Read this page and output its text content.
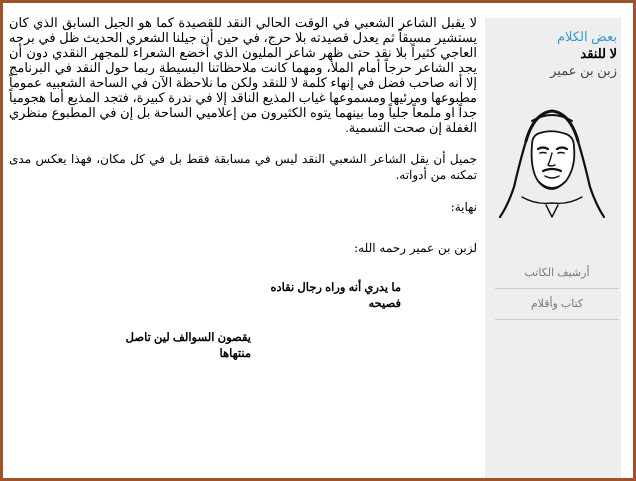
لا يقبل الشاعر الشعبي في الوقت الحالي النقد للقصيدة كما هو الجيل السابق الذي كان يستشير مسبقاً ثم يعدل قصيدته بلا حرج، في حين أن جيلنا الشعري الحديث ظل في برجه العاجي كثيراً بلا نقد حتى ظهر شاعر المليون الذي أخضع الشعراء للمجهر النقدي دون أن يجد الشاعر حرجاً أمام الملأ، ومهما كانت ملاحظاتنا البسيطة ربما حول النقد في البرنامج إلا أنه صاحب فضل في إنهاء كلمة لا للنقد ولكن ما نلاحظة الآن في الساحة الشعبيه عموماً مطبوعها ومرئيها ومسموعها غياب المذيع الناقد إلا في ندرة كبيرة، فتجد المذيع أما هجومياً جداً او ملمعاً جلياً وما بينهما يتوه الكثيرون من إعلاميي الساحة بل إن في المطبوع منظري الغفلة إن صحت التسمية.

جميل أن يقل الشاعر الشعبي النقد ليس في مسابقة فقط بل في كل مكان، فهذا يعكس مدى تمكنه من أدواته.

نهاية:

لزبن بن عمير رحمه الله:

ما يدري أنه وراه رجال نقاده
فصيحه

يقصون السوالف لين تاصل
منتهاها

بعض الكلام
لا للنقد
زبن بن عمير
أرشيف الكاتب
كتاب وأقلام
